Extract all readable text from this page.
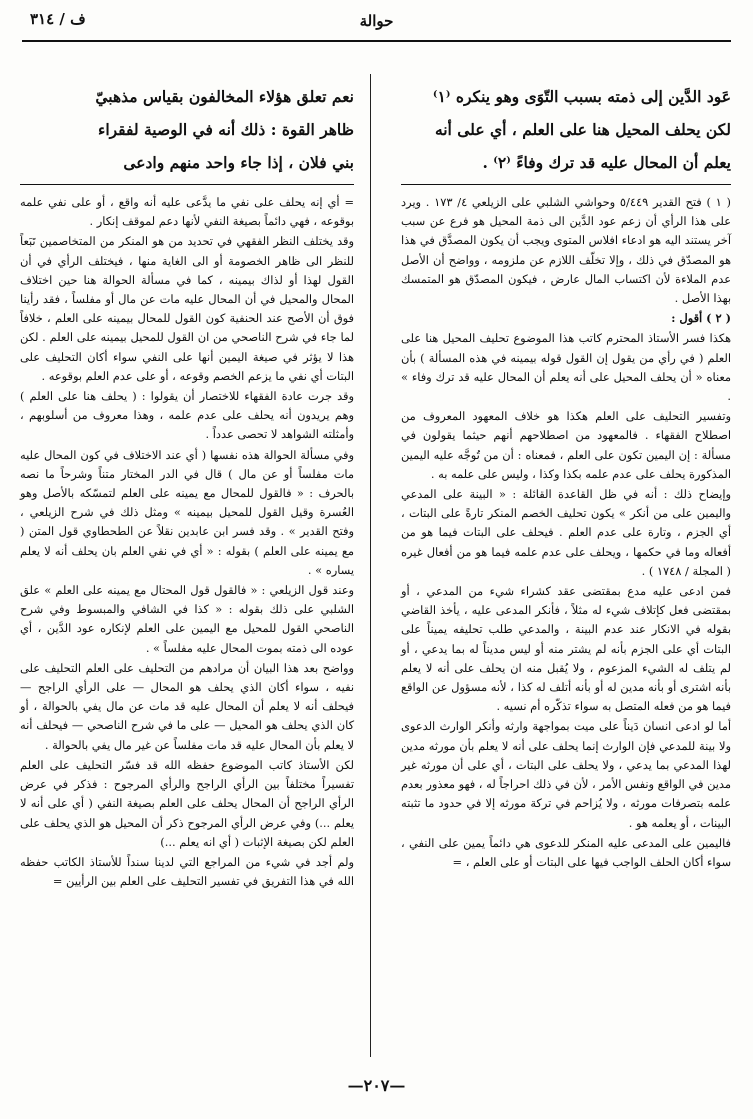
حوالة
ف / ٣١٤

عَود الدَّين إلى ذمته بسبب التّوَى وهو ينكره ⁽١⁾

لكن يحلف المحيل هنا على العلم ، أي على أنه

يعلم أن المحال عليه قد ترك وفاءً ⁽٢⁾ .

( ١ ) فتح القدير ٥/٤٤٩ وحواشي الشلبي على الزيلعي ٤/ ١٧٣ . ويرد على هذا الرأي أن زعم عود الدَّين الى ذمة المحيل هو فرع عن سبب آخر يستند اليه هو ادعاء افلاس المتوى ويجب أن يكون المصدَّق في هذا هو المصدّق في ذلك ، وإلا تخلّف اللازم عن ملزومه ، وواضح أن الأصل عدم الملاءة لأن اكتساب المال عارض ، فيكون المصدّق هو المتمسك بهذا الأصل .

( ٢ ) أقول :

هكذا فسر الأستاذ المحترم كاتب هذا الموضوع تحليف المحيل هنا على العلم ( في رأي من يقول إن القول قوله بيمينه في هذه المسألة ) بأن معناه « أن يحلف المحيل على أنه يعلم أن المحال عليه قد ترك وفاء » .

وتفسير التحليف على العلم هكذا هو خلاف المعهود المعروف من اصطلاح الفقهاء . فالمعهود من اصطلاحهم أنهم حيثما يقولون في مسألة : إن اليمين تكون على العلم ، فمعناه : أن من تُوجَّه عليه اليمين المذكورة يحلف على عدم علمه بكذا وكذا ، وليس على علمه به .

وإيضاح ذلك : أنه في ظل القاعدة القائلة : « البينة على المدعي واليمين على من أنكر » يكون تحليف الخصم المنكر تارةً على البتات ، أي الجزم ، وتارة على عدم العلم . فيحلف على البتات فيما هو من أفعاله وما في حكمها ، ويحلف على عدم علمه فيما هو من أفعال غيره ( المجلة / ١٧٤٨ ) .

فمن ادعى عليه مدع بمقتضى عقد كشراء شيء من المدعي ، أو بمقتضى فعل كإتلاف شيء له مثلاً ، فأنكر المدعى عليه ، يأخذ القاضي بقوله في الانكار عند عدم البينة ، والمدعي طلب تحليفه يميناً على البتات أي على الجزم بأنه لم يشتر منه أو ليس مديناً له بما يدعي ، أو لم يتلف له الشيء المزعوم ، ولا يُقبل منه ان يحلف على أنه لا يعلم بأنه اشترى أو بأنه مدين له أو بأنه أتلف له كذا ، لأنه مسؤول عن الواقع فيما هو من فعله المتصل به سواء تذكّره أم نسيه .

أما لو ادعى انسان دَيناً على ميت بمواجهة وارثه وأنكر الوارث الدعوى ولا بينة للمدعي فإن الوارث إنما يحلف على أنه لا يعلم بأن مورثه مدين لهذا المدعي بما يدعي ، ولا يحلف على البتات ، أي على أن مورثه غير مدين في الواقع ونفس الأمر ، لأن في ذلك احراجاً له ، فهو معذور بعدم علمه بتصرفات مورثه ، ولا يُزاحم في تركة مورثه إلا في حدود ما تثبته البينات ، أو يعلمه هو .

فاليمين على المدعى عليه المنكر للدعوى هي دائماً يمين على النفي ، سواء أكان الحلف الواجب فيها على البتات أو على العلم ، =

نعم تعلق هؤلاء المخالفون بقياس مذهبيّ

ظاهر القوة : ذلك أنه في الوصية لفقراء

بني فلان ، إذا جاء واحد منهم وادعى

= أي إنه يحلف على نفي ما يدَّعى عليه أنه واقع ، أو على نفي علمه بوقوعه ، فهي دائماً بصيغة النفي لأنها دعم لموقف إنكار .

وقد يختلف النظر الفقهي في تحديد من هو المنكر من المتخاصمين تَبَعاً للنظر الى ظاهر الخصومة أو الى الغاية منها ، فيختلف الرأي في أن القول لهذا أو لذاك بيمينه ، كما في مسألة الحوالة هنا حين اختلاف المحال والمحيل في أن المحال عليه مات عن مال أو مفلساً ، فقد رأينا فوق أن الأصح عند الحنفية كون القول للمحال بيمينه على العلم ، خلافاً لما جاء في شرح الناصحي من ان القول للمحيل بيمينه على العلم . لكن هذا لا يؤثر في صيغة اليمين أنها على النفي سواء أكان التحليف على البتات أي نفي ما يزعم الخصم وقوعه ، أو على عدم العلم بوقوعه .

وقد جرت عادة الفقهاء للاختصار أن يقولوا : ( يحلف هنا على العلم ) وهم يريدون أنه يحلف على عدم علمه ، وهذا معروف من أسلوبهم ، وأمثلته الشواهد لا تحصى عدداً .

وفي مسألة الحوالة هذه نفسها ( أي عند الاختلاف في كون المحال عليه مات مفلساً أو عن مال ) قال في الدر المختار متناً وشرحاً ما نصه بالحرف : « فالقول للمحال مع يمينه على العلم لتمسّكه بالأصل وهو العُسرة وقيل القول للمحيل بيمينه » ومثل ذلك في شرح الزيلعي ، وفتح القدير » . وقد فسر ابن عابدين نقلاً عن الطحطاوي قول المتن ( مع يمينه على العلم ) بقوله : « أي في نفي العلم بان يحلف أنه لا يعلم يساره » .

وعند قول الزيلعي : « فالقول قول المحتال مع يمينه على العلم » علق الشلبي على ذلك بقوله : « كذا في الشافي والمبسوط وفي شرح الناصحي القول للمحيل مع اليمين على العلم لإنكاره عود الدَّين ، أي عوده الى ذمته بموت المحال عليه مفلساً » .

وواضح بعد هذا البيان أن مرادهم من التحليف على العلم التحليف على نفيه ، سواء أكان الذي يحلف هو المحال — على الرأي الراجح — فيحلف أنه لا يعلم أن المحال عليه قد مات عن مال يفي بالحوالة ، أو كان الذي يحلف هو المحيل — على ما في شرح الناصحي — فيحلف أنه لا يعلم بأن المحال عليه قد مات مفلساً عن غير مال يفي بالحوالة .

لكن الأستاذ كاتب الموضوع حفظه الله قد فسّر التحليف على العلم تفسيراً مختلفاً بين الرأي الراجح والرأي المرجوح : فذكر في عرض الرأي الراجح أن المحال يحلف على العلم بصيغة النفي ( أي على أنه لا يعلم ...) وفي عرض الرأي المرجوح ذكر أن المحيل هو الذي يحلف على العلم لكن بصيغة الإثبات ( أي انه يعلم ...)

ولم أجد في شيء من المراجع التي لدينا سنداً للأستاذ الكاتب حفظه الله في هذا التفريق في تفسير التحليف على العلم بين الرأيين =

—٢٠٧—
